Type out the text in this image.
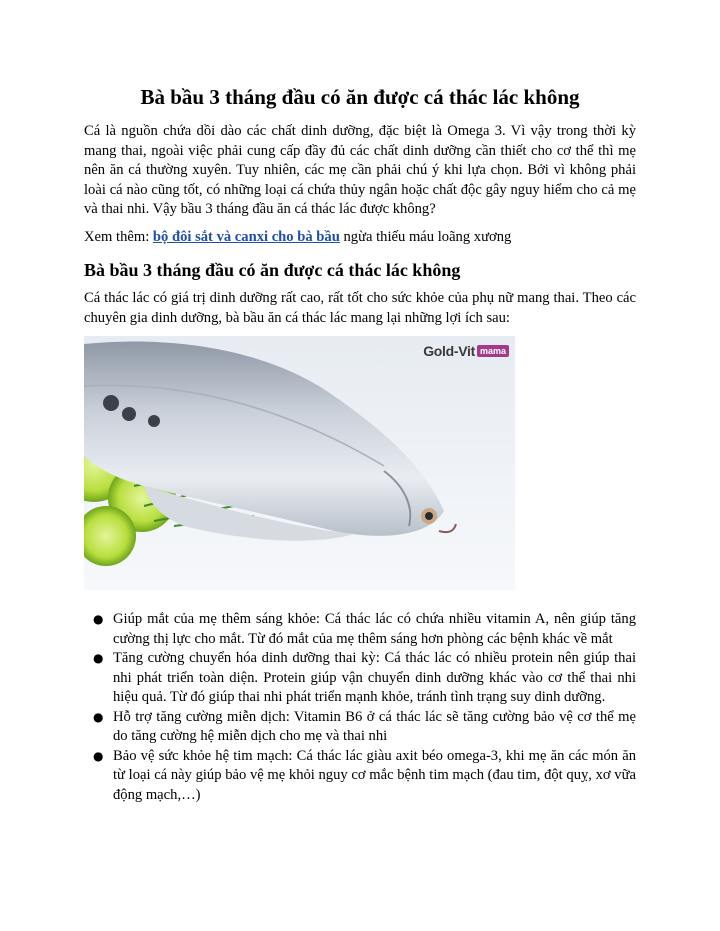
Bà bầu 3 tháng đầu có ăn được cá thác lác không

Cá là nguồn chứa dồi dào các chất dinh dưỡng, đặc biệt là Omega 3. Vì vậy trong thời kỳ mang thai, ngoài việc phải cung cấp đầy đủ các chất dinh dưỡng cần thiết cho cơ thể thì mẹ nên ăn cá thường xuyên. Tuy nhiên, các mẹ cần phải chú ý khi lựa chọn. Bởi vì không phải loài cá nào cũng tốt, có những loại cá chứa thủy ngân hoặc chất độc gây nguy hiểm cho cả mẹ và thai nhi. Vậy bầu 3 tháng đầu ăn cá thác lác được không?

Xem thêm: bộ đôi sắt và canxi cho bà bầu ngừa thiếu máu loãng xương

Bà bầu 3 tháng đầu có ăn được cá thác lác không

Cá thác lác có giá trị dinh dưỡng rất cao, rất tốt cho sức khỏe của phụ nữ mang thai. Theo các chuyên gia dinh dưỡng, bà bầu ăn cá thác lác mang lại những lợi ích sau:

Gold-Vit mama
● Giúp mắt của mẹ thêm sáng khỏe: Cá thác lác có chứa nhiều vitamin A, nên giúp tăng cường thị lực cho mắt. Từ đó mắt của mẹ thêm sáng hơn phòng các bệnh khác về mắt
● Tăng cường chuyển hóa dinh dưỡng thai kỳ: Cá thác lác có nhiều protein nên giúp thai nhi phát triển toàn diện. Protein giúp vận chuyển dinh dưỡng khác vào cơ thể thai nhi hiệu quả. Từ đó giúp thai nhi phát triển mạnh khỏe, tránh tình trạng suy dinh dưỡng.
● Hỗ trợ tăng cường miễn dịch: Vitamin B6 ở cá thác lác sẽ tăng cường bảo vệ cơ thể mẹ do tăng cường hệ miễn dịch cho mẹ và thai nhi
● Bảo vệ sức khỏe hệ tim mạch: Cá thác lác giàu axit béo omega-3, khi mẹ ăn các món ăn từ loại cá này giúp bảo vệ mẹ khỏi nguy cơ mắc bệnh tim mạch (đau tim, đột quỵ, xơ vữa động mạch,…)
